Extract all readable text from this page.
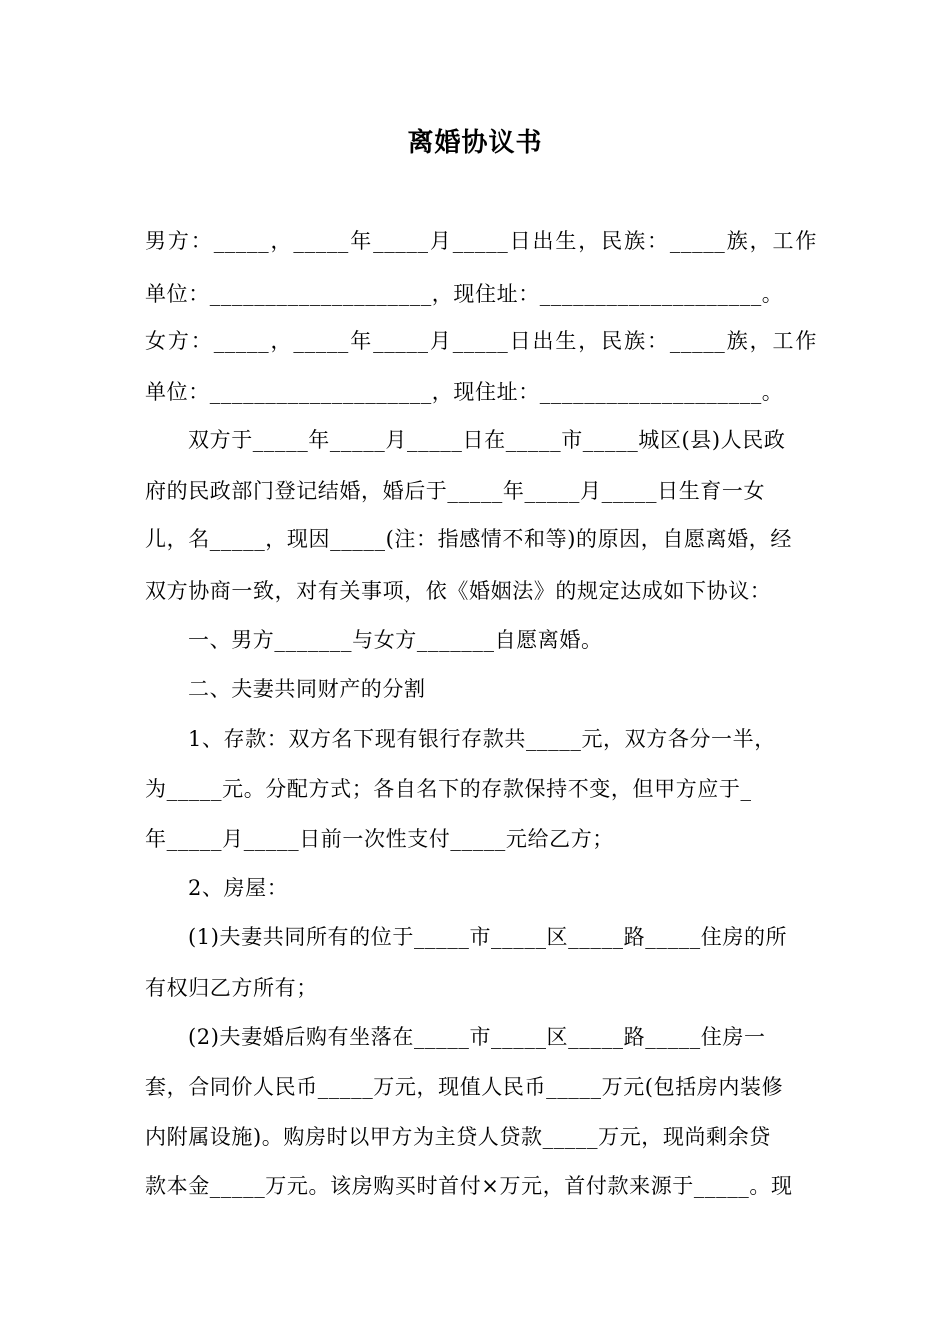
离婚协议书

男方：_____，_____年_____月_____日出生，民族：_____族，工作

单位：____________________，现住址：____________________。

女方：_____，_____年_____月_____日出生，民族：_____族，工作

单位：____________________，现住址：____________________。

双方于_____年_____月_____日在_____市_____城区(县)人民政

府的民政部门登记结婚，婚后于_____年_____月_____日生育一女

儿，名_____，现因_____(注：指感情不和等)的原因，自愿离婚，经

双方协商一致，对有关事项，依《婚姻法》的规定达成如下协议：

一、男方_______与女方_______自愿离婚。

二、夫妻共同财产的分割

1、存款：双方名下现有银行存款共_____元，双方各分一半，

为_____元。分配方式；各自名下的存款保持不变，但甲方应于_

年_____月_____日前一次性支付_____元给乙方；

2、房屋：

(1)夫妻共同所有的位于_____市_____区_____路_____住房的所

有权归乙方所有；

(2)夫妻婚后购有坐落在_____市_____区_____路_____住房一

套，合同价人民币_____万元，现值人民币_____万元(包括房内装修

内附属设施)。购房时以甲方为主贷人贷款_____万元，现尚剩余贷

款本金_____万元。该房购买时首付×万元，首付款来源于_____。现
